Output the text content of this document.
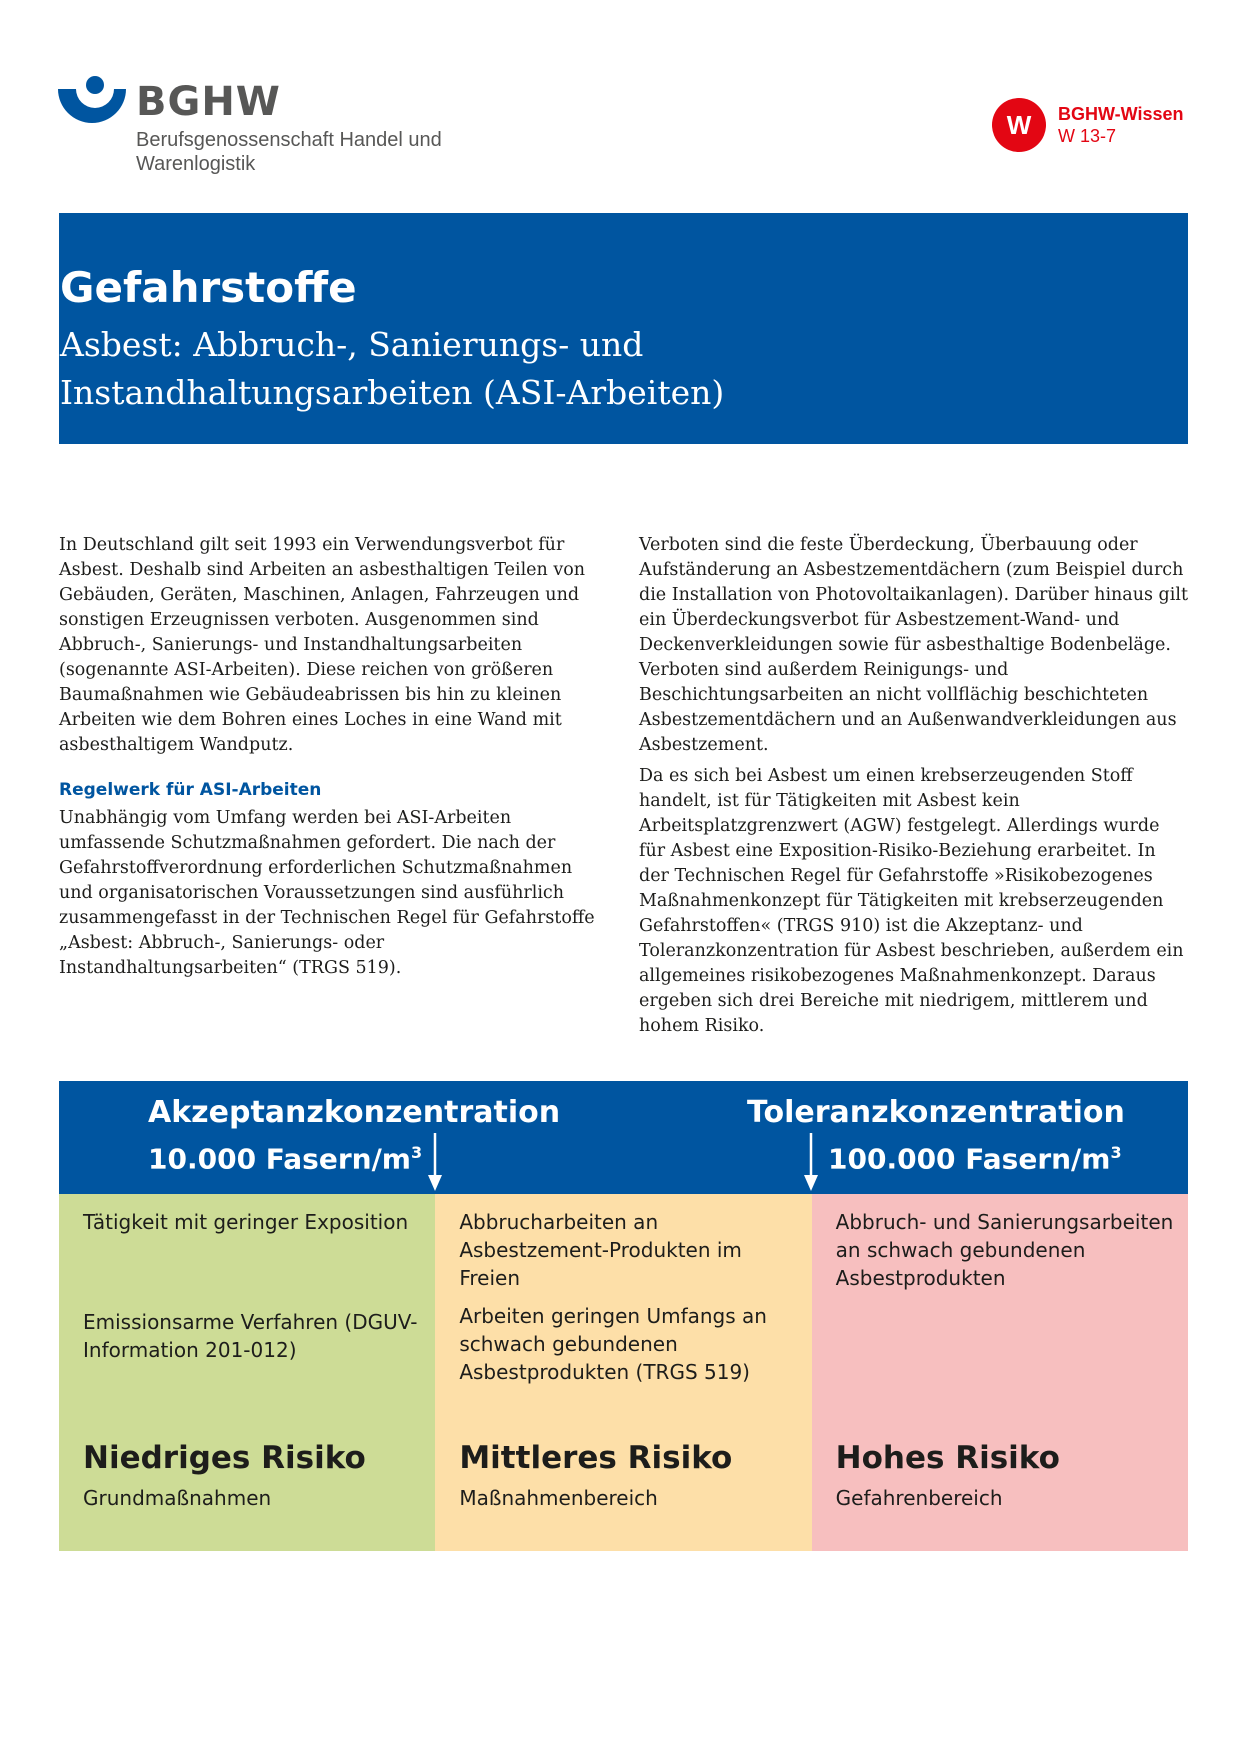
BGHW
Berufsgenossenschaft Handel und Warenlogistik
W	BGHW-Wissen
W 13-7
Gefahrstoffe
Asbest: Abbruch-, Sanierungs- und Instandhaltungsarbeiten (ASI-Arbeiten)

In Deutschland gilt seit 1993 ein Verwendungsverbot für Asbest. Deshalb sind Arbeiten an asbesthaltigen Teilen von Gebäuden, Geräten, Maschinen, Anlagen, Fahrzeugen und sonstigen Erzeugnissen verboten. Ausgenommen sind Abbruch-, Sanierungs- und Instandhaltungsarbeiten (sogenannte ASI-Arbeiten). Diese reichen von größeren Baumaßnahmen wie Gebäudeabrissen bis hin zu kleinen Arbeiten wie dem Bohren eines Loches in eine Wand mit asbesthaltigem Wandputz.

Regelwerk für ASI-Arbeiten

Unabhängig vom Umfang werden bei ASI-Arbeiten umfassende Schutzmaßnahmen gefordert. Die nach der Gefahrstoffverordnung erforderlichen Schutzmaßnahmen und organisatorischen Voraussetzungen sind ausführlich zusammengefasst in der Technischen Regel für Gefahrstoffe „Asbest: Abbruch-, Sanierungs- oder Instandhaltungsarbeiten“ (TRGS 519).

Verboten sind die feste Überdeckung, Überbauung oder Aufständerung an Asbestzementdächern (zum Beispiel durch die Installation von Photovoltaikanlagen). Darüber hinaus gilt ein Überdeckungsverbot für Asbestzement-Wand- und Deckenverkleidungen sowie für asbesthaltige Bodenbeläge. Verboten sind außerdem Reinigungs- und Beschichtungsarbeiten an nicht vollflächig beschichteten Asbestzementdächern und an Außenwandverkleidungen aus Asbestzement.

Da es sich bei Asbest um einen krebserzeugenden Stoff handelt, ist für Tätigkeiten mit Asbest kein Arbeitsplatzgrenzwert (AGW) festgelegt. Allerdings wurde für Asbest eine Exposition-Risiko-Beziehung erarbeitet. In der Technischen Regel für Gefahrstoffe »Risikobezogenes Maßnahmenkonzept für Tätigkeiten mit krebserzeugenden Gefahrstoffen« (TRGS 910) ist die Akzeptanz- und Toleranzkonzentration für Asbest beschrieben, außerdem ein allgemeines risikobezogenes Maßnahmenkonzept. Daraus ergeben sich drei Bereiche mit niedrigem, mittlerem und hohem Risiko.

Akzeptanzkonzentration
10.000 Fasern/$m^3$
Toleranzkonzentration
100.000 Fasern/$m^3$
Tätigkeit mit geringer Exposition
Emissionsarme Verfahren (DGUV-Information 201-012)
Niedriges Risiko
Grundmaßnahmen
Abbrucharbeiten an Asbestzement-Produkten im Freien
Arbeiten geringen Umfangs an schwach gebundenen Asbestprodukten (TRGS 519)
Mittleres Risiko
Maßnahmenbereich
Abbruch- und Sanierungsarbeiten an schwach gebundenen Asbestprodukten
Hohes Risiko
Gefahrenbereich
